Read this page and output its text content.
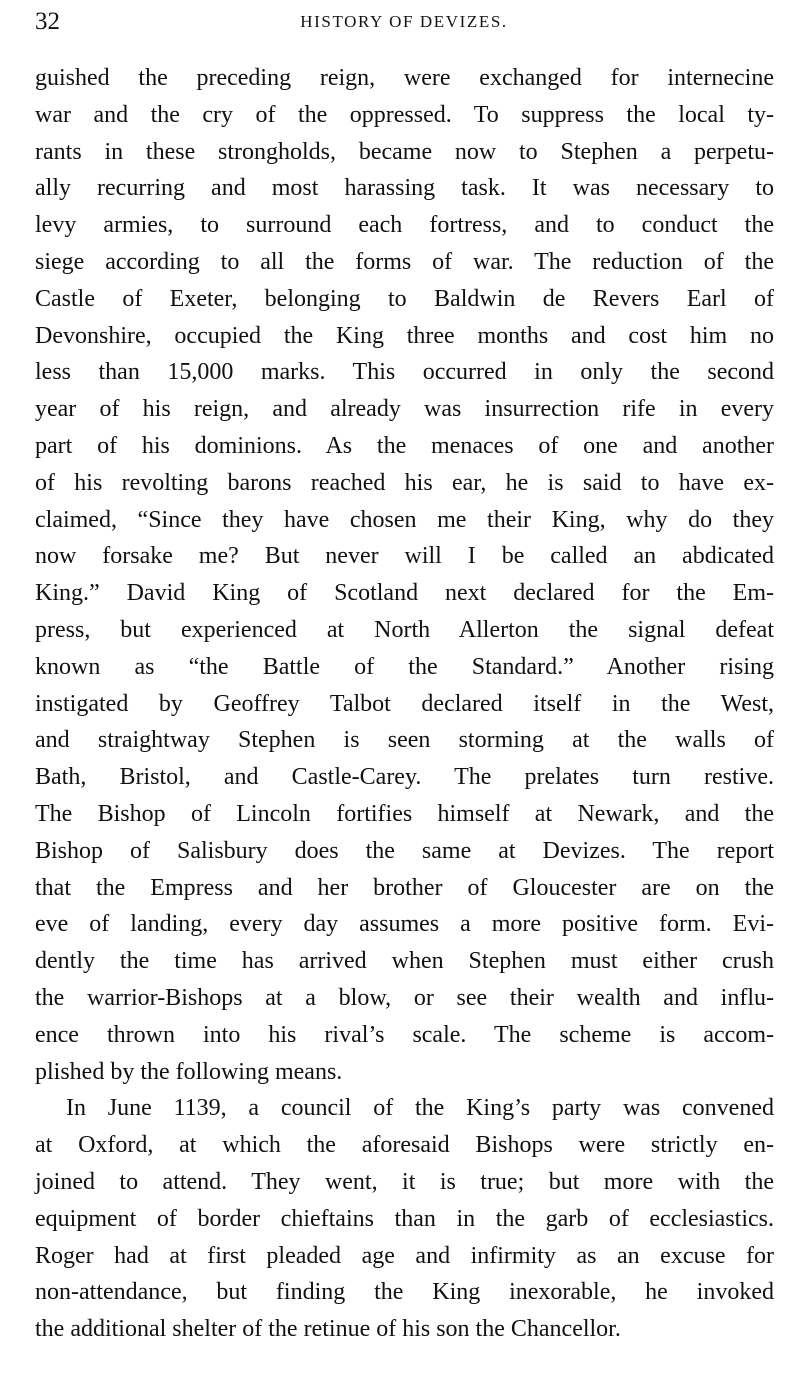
32	HISTORY OF DEVIZES.
guished the preceding reign, were exchanged for internecine
war and the cry of the oppressed. To suppress the local ty-
rants in these strongholds, became now to Stephen a perpetu-
ally recurring and most harassing task. It was necessary to
levy armies, to surround each fortress, and to conduct the
siege according to all the forms of war. The reduction of the
Castle of Exeter, belonging to Baldwin de Revers Earl of
Devonshire, occupied the King three months and cost him no
less than 15,000 marks. This occurred in only the second
year of his reign, and already was insurrection rife in every
part of his dominions. As the menaces of one and another
of his revolting barons reached his ear, he is said to have ex-
claimed, “Since they have chosen me their King, why do they
now forsake me? But never will I be called an abdicated
King.” David King of Scotland next declared for the Em-
press, but experienced at North Allerton the signal defeat
known as “the Battle of the Standard.” Another rising
instigated by Geoffrey Talbot declared itself in the West,
and straightway Stephen is seen storming at the walls of
Bath, Bristol, and Castle-Carey. The prelates turn restive.
The Bishop of Lincoln fortifies himself at Newark, and the
Bishop of Salisbury does the same at Devizes. The report
that the Empress and her brother of Gloucester are on the
eve of landing, every day assumes a more positive form. Evi-
dently the time has arrived when Stephen must either crush
the warrior-Bishops at a blow, or see their wealth and influ-
ence thrown into his rival’s scale. The scheme is accom-
plished by the following means.
In June 1139, a council of the King’s party was convened
at Oxford, at which the aforesaid Bishops were strictly en-
joined to attend. They went, it is true; but more with the
equipment of border chieftains than in the garb of ecclesiastics.
Roger had at first pleaded age and infirmity as an excuse for
non-attendance, but finding the King inexorable, he invoked
the additional shelter of the retinue of his son the Chancellor.
